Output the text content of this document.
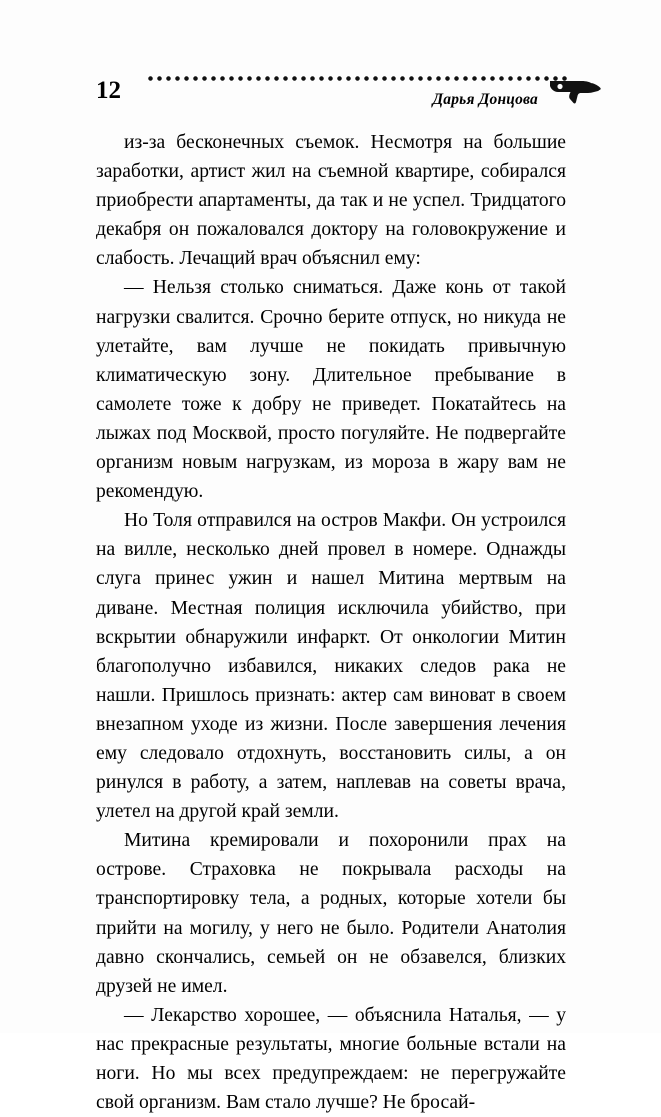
12	Дарья Донцова

из-за бесконечных съемок. Несмотря на большие заработки, артист жил на съемной квартире, собирался приобрести апартаменты, да так и не успел. Тридцатого декабря он пожаловался доктору на головокружение и слабость. Лечащий врач объяснил ему:

— Нельзя столько сниматься. Даже конь от такой нагрузки свалится. Срочно берите отпуск, но никуда не улетайте, вам лучше не покидать привычную климатическую зону. Длительное пребывание в самолете тоже к добру не приведет. Покатайтесь на лыжах под Москвой, просто погуляйте. Не подвергайте организм новым нагрузкам, из мороза в жару вам не рекомендую.

Но Толя отправился на остров Макфи. Он устроился на вилле, несколько дней провел в номере. Однажды слуга принес ужин и нашел Митина мертвым на диване. Местная полиция исключила убийство, при вскрытии обнаружили инфаркт. От онкологии Митин благополучно избавился, никаких следов рака не нашли. Пришлось признать: актер сам виноват в своем внезапном уходе из жизни. После завершения лечения ему следовало отдохнуть, восстановить силы, а он ринулся в работу, а затем, наплевав на советы врача, улетел на другой край земли.

Митина кремировали и похоронили прах на острове. Страховка не покрывала расходы на транспортировку тела, а родных, которые хотели бы прийти на могилу, у него не было. Родители Анатолия давно скончались, семьей он не обзавелся, близких друзей не имел.

— Лекарство хорошее, — объяснила Наталья, — у нас прекрасные результаты, многие больные встали на ноги. Но мы всех предупреждаем: не перегружайте свой организм. Вам стало лучше? Не бросай-
